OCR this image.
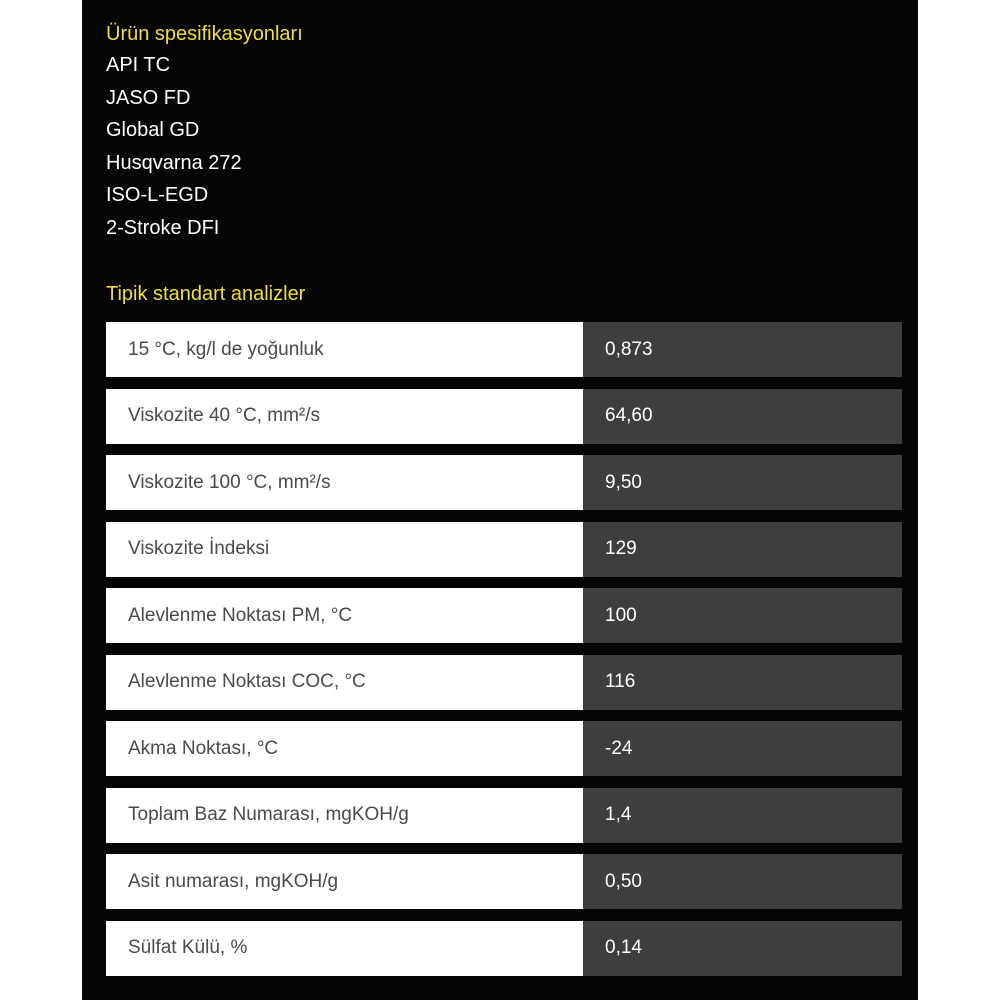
Ürün spesifikasyonları
API TC
JASO FD
Global GD
Husqvarna 272
ISO-L-EGD
2-Stroke DFI
Tipik standart analizler
15 °C, kg/l de yoğunluk	0,873
Viskozite 40 °C, mm²/s	64,60
Viskozite 100 °C, mm²/s	9,50
Viskozite İndeksi	129
Alevlenme Noktası PM, °C	100
Alevlenme Noktası COC, °C	116
Akma Noktası, °C	-24
Toplam Baz Numarası, mgKOH/g	1,4
Asit numarası, mgKOH/g	0,50
Sülfat Külü, %	0,14
